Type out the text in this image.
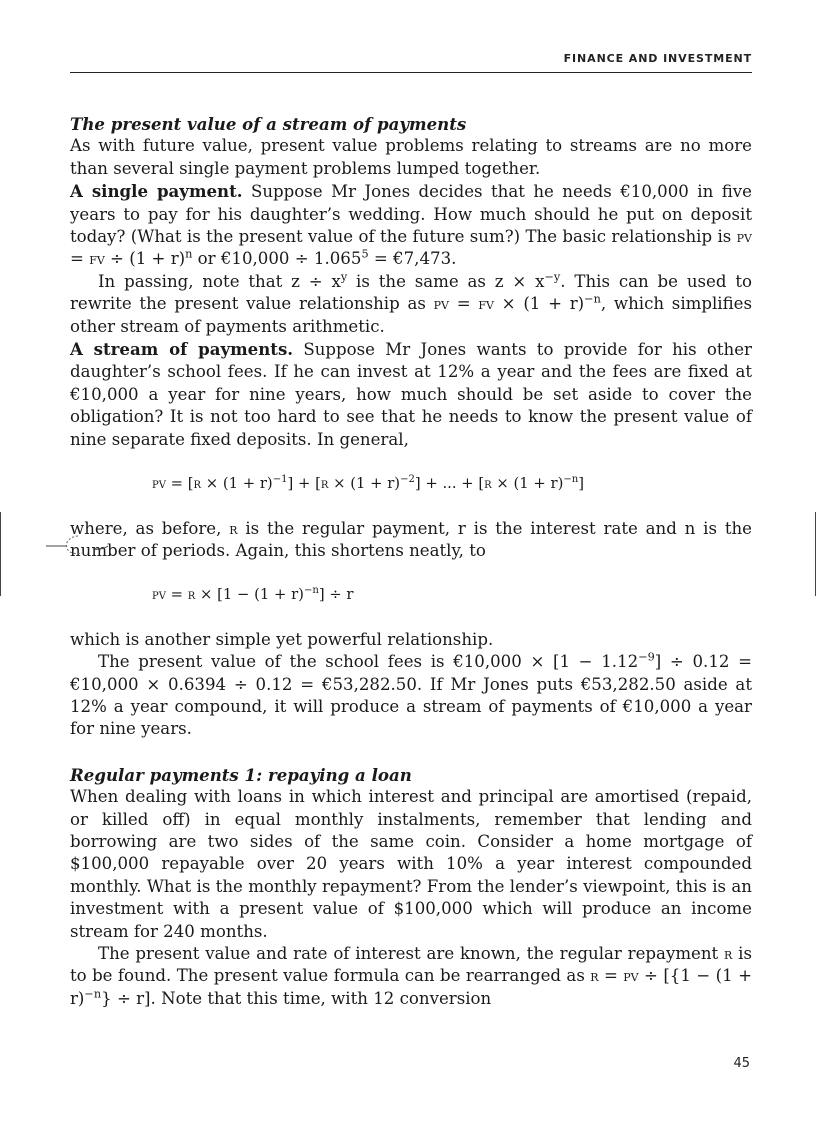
FINANCE AND INVESTMENT

The present value of a stream of payments

As with future value, present value problems relating to streams are no more than several single payment problems lumped together.

A single payment. Suppose Mr Jones decides that he needs €10,000 in five years to pay for his daughter’s wedding. How much should he put on deposit today? (What is the present value of the future sum?) The basic relationship is pv = fv ÷ $(1 + r)^n$ or €10,000 ÷ $1.065^5$ = €7,473.

In passing, note that $z \div x^y$ is the same as $z \times x^{-y}$. This can be used to rewrite the present value relationship as pv = fv × $(1 + r)^{-n}$, which simplifies other stream of payments arithmetic.

A stream of payments. Suppose Mr Jones wants to provide for his other daughter’s school fees. If he can invest at 12% a year and the fees are fixed at €10,000 a year for nine years, how much should be set aside to cover the obligation? It is not too hard to see that he needs to know the present value of nine separate fixed deposits. In general,

pv = $[r \times (1 + r)^{-1}] + [r \times (1 + r)^{-2}]$ + ... + $[r \times (1 + r)^{-n}]$

where, as before, r is the regular payment, r is the interest rate and n is the number of periods. Again, this shortens neatly, to

pv = $r \times [1 - (1 + r)^{-n}] \div r$

which is another simple yet powerful relationship.

The present value of the school fees is €10,000 × $[1 - 1.12^{-9}] \div 0.12$ = €10,000 × 0.6394 ÷ 0.12 = €53,282.50. If Mr Jones puts €53,282.50 aside at 12% a year compound, it will produce a stream of payments of €10,000 a year for nine years.

Regular payments 1: repaying a loan

When dealing with loans in which interest and principal are amortised (repaid, or killed off) in equal monthly instalments, remember that lending and borrowing are two sides of the same coin. Consider a home mortgage of $100,000 repayable over 20 years with 10% a year interest compounded monthly. What is the monthly repayment? From the lender’s viewpoint, this is an investment with a present value of $100,000 which will produce an income stream for 240 months.

The present value and rate of interest are known, the regular repayment r is to be found. The present value formula can be rearranged as r = pv ÷ $[\{1 - (1 + r)^{-n}\} \div r]$. Note that this time, with 12 conversion

45
